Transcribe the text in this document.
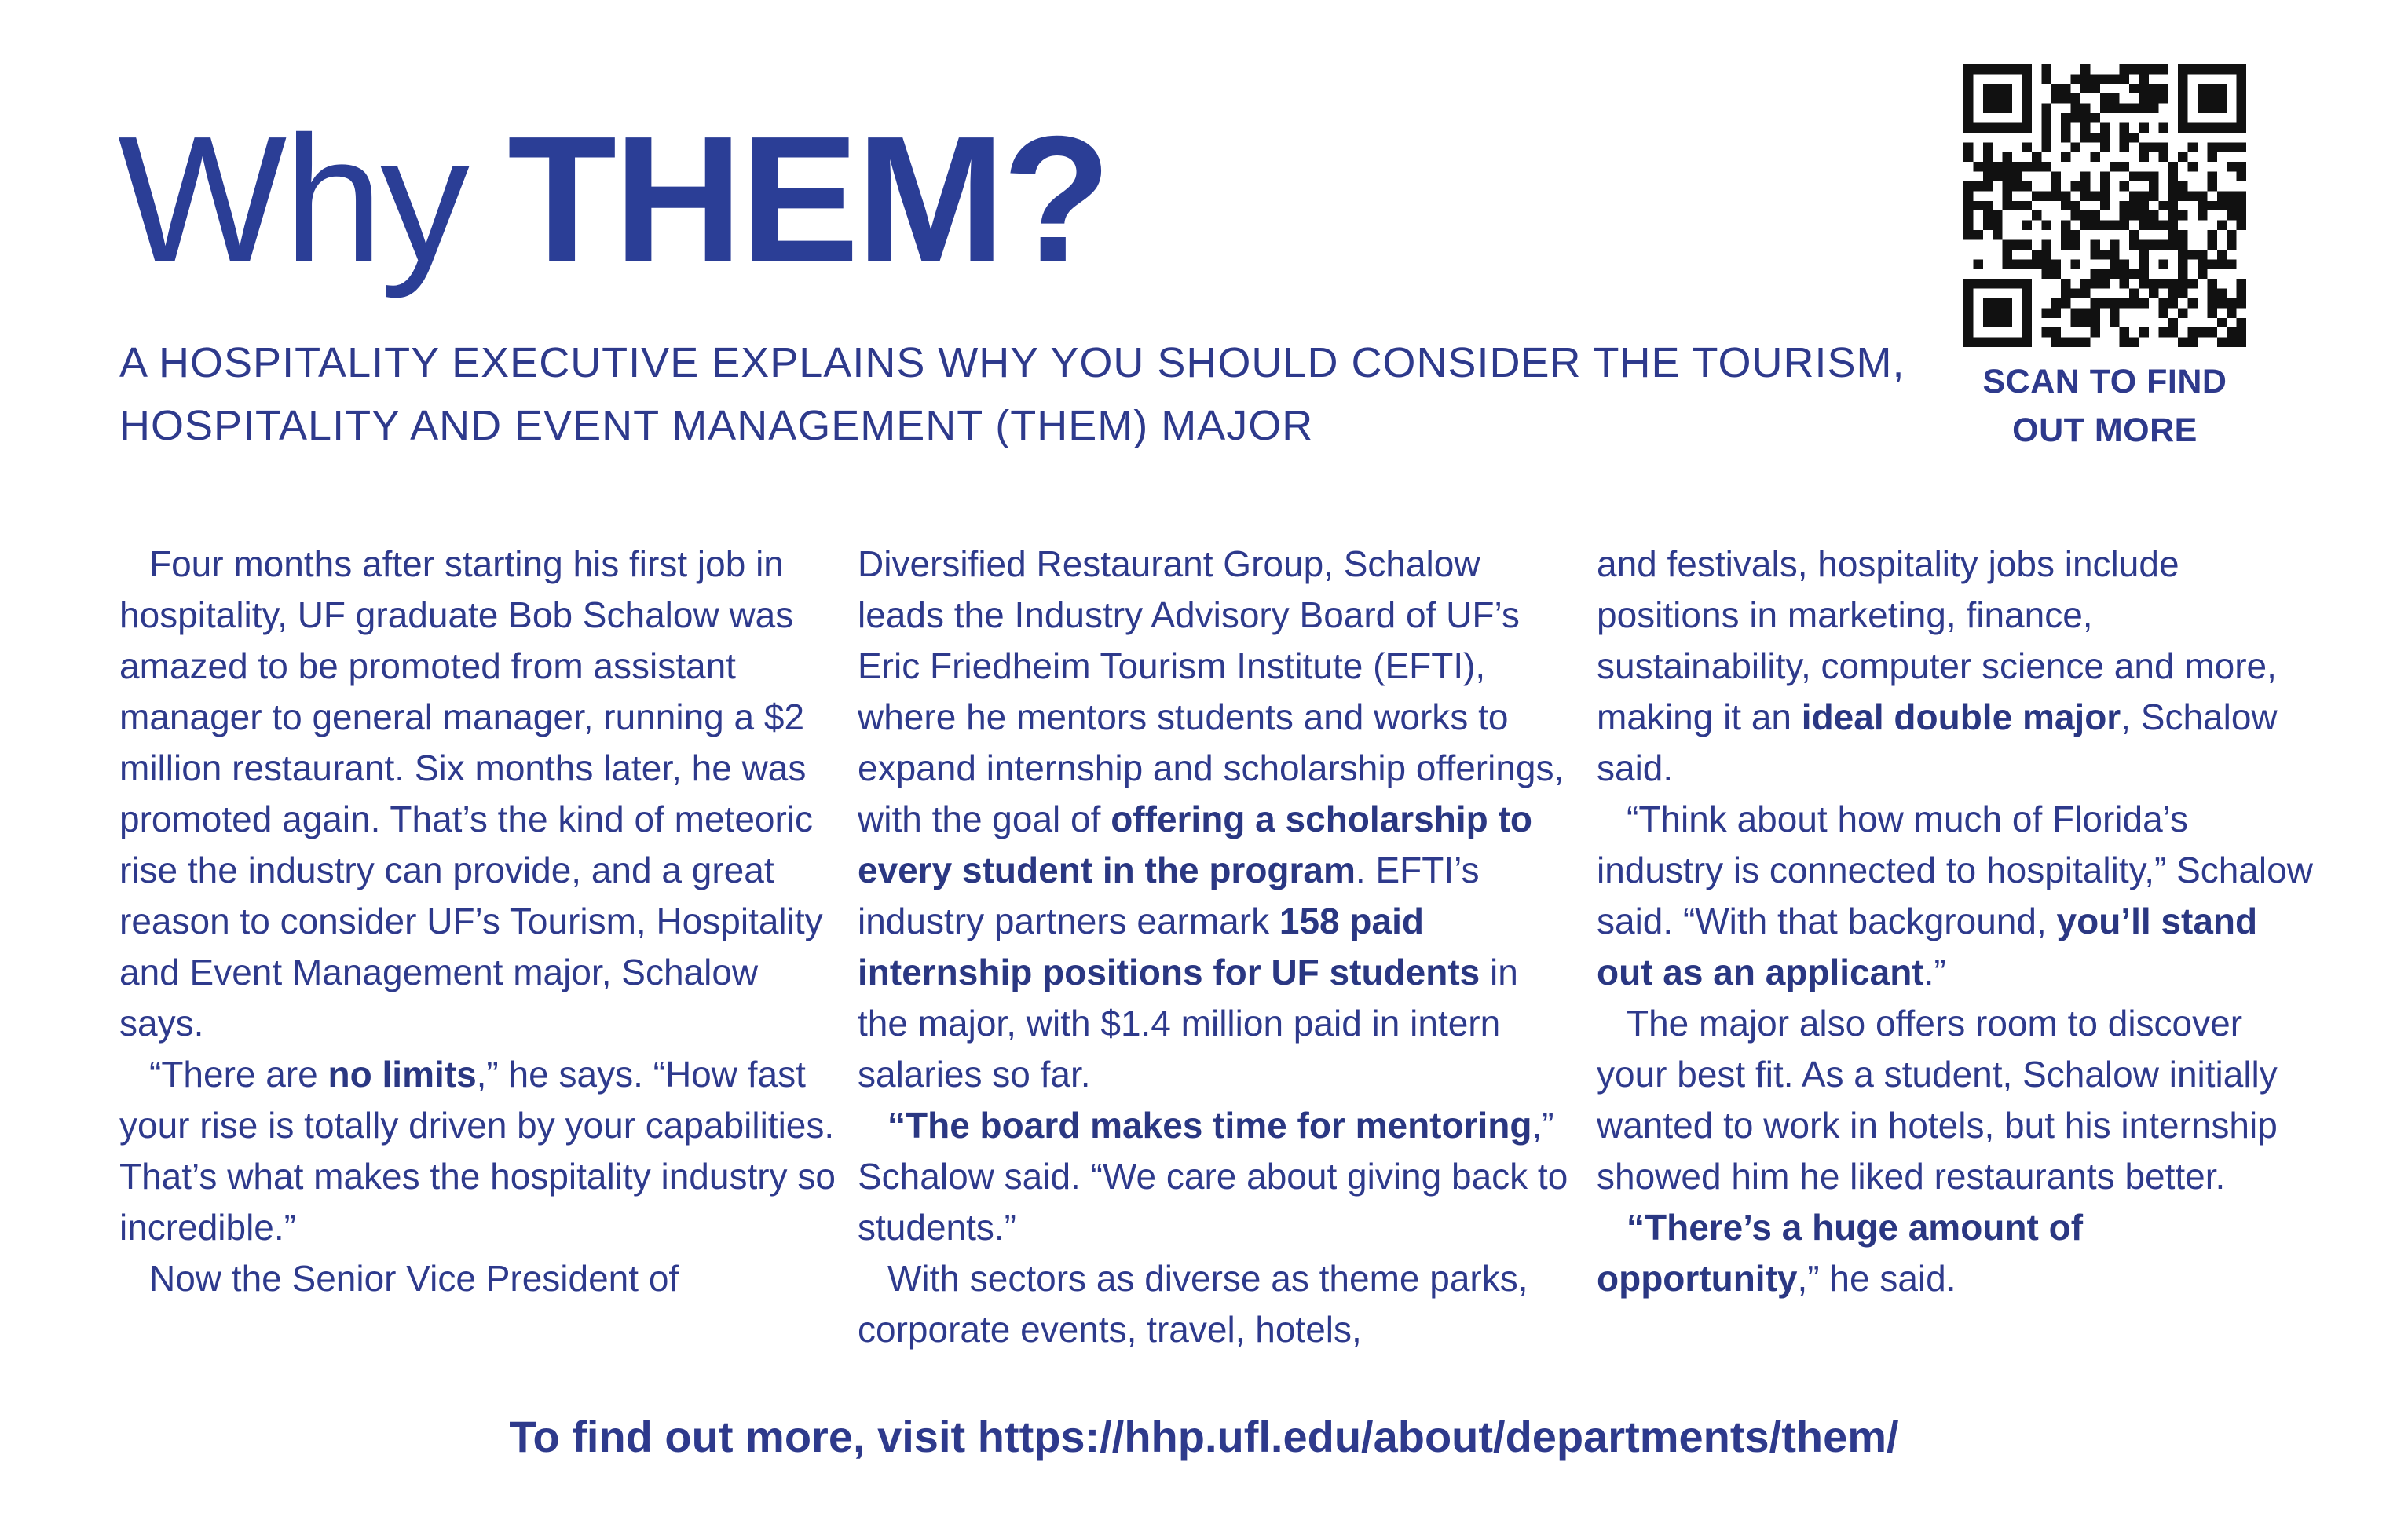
Why THEM?
A HOSPITALITY EXECUTIVE EXPLAINS WHY YOU SHOULD CONSIDER THE TOURISM, HOSPITALITY AND EVENT MANAGEMENT (THEM) MAJOR
SCAN TO FIND
OUT MORE

Four months after starting his first job in hospitality, UF graduate Bob Schalow was amazed to be promoted from assistant manager to general manager, running a $2 million restaurant. Six months later, he was promoted again. That’s the kind of meteoric rise the industry can provide, and a great reason to consider UF’s Tourism, Hospitality and Event Management major, Schalow says.

“There are no limits,” he says. “How fast your rise is totally driven by your capabilities. That’s what makes the hospitality industry so incredible.”

Now the Senior Vice President of

Diversified Restaurant Group, Schalow leads the Industry Advisory Board of UF’s Eric Friedheim Tourism Institute (EFTI), where he mentors students and works to expand internship and scholarship offerings, with the goal of offering a scholarship to every student in the program. EFTI’s industry partners earmark 158 paid internship positions for UF students in the major, with $1.4 million paid in intern salaries so far.

“The board makes time for mentoring,” Schalow said. “We care about giving back to students.”

With sectors as diverse as theme parks, corporate events, travel, hotels,

and festivals, hospitality jobs include positions in marketing, finance, sustainability, computer science and more, making it an ideal double major, Schalow said.

“Think about how much of Florida’s industry is connected to hospitality,” Schalow said. “With that background, you’ll stand out as an applicant.”

The major also offers room to discover your best fit. As a student, Schalow initially wanted to work in hotels, but his internship showed him he liked restaurants better.

“There’s a huge amount of opportunity,” he said.

To find out more, visit https://hhp.ufl.edu/about/departments/them/
